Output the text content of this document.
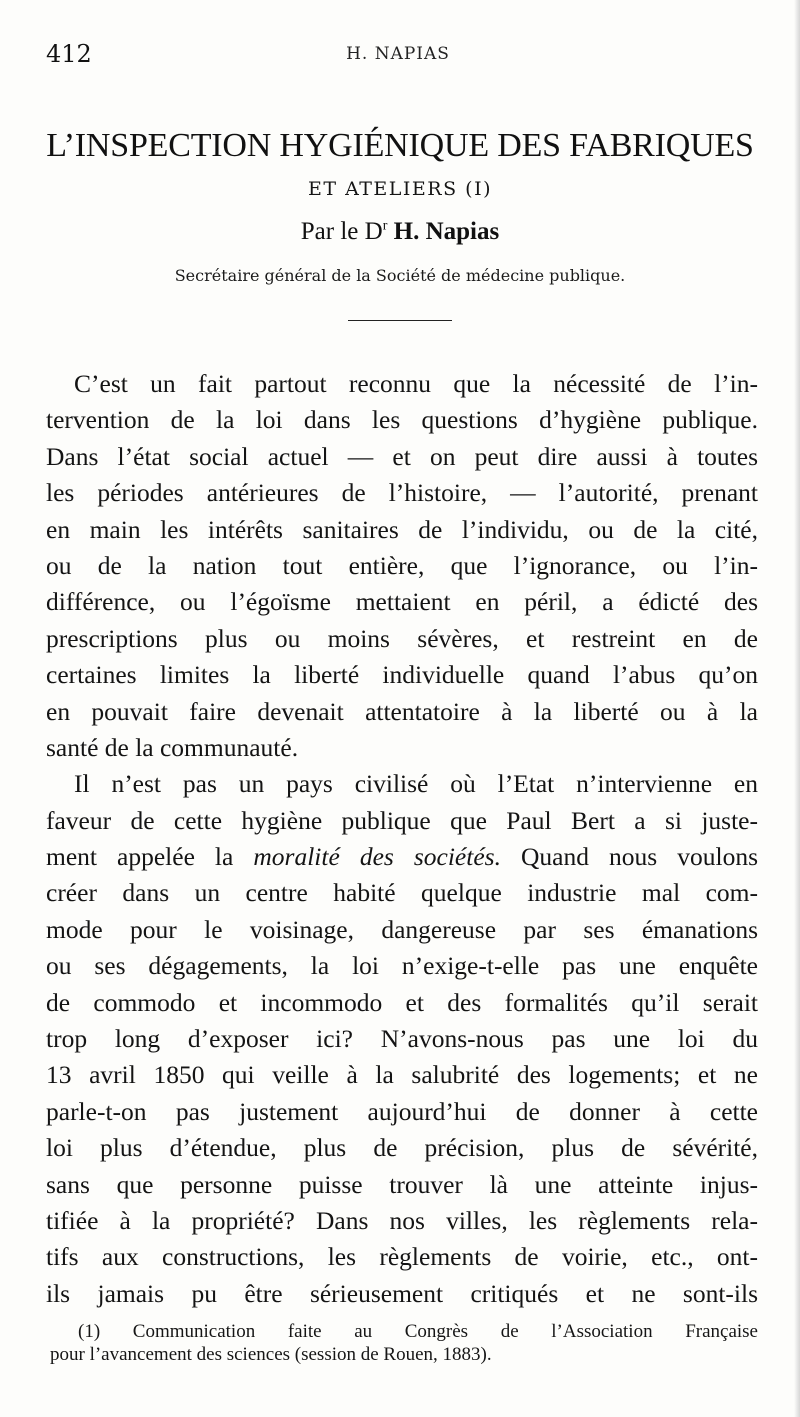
412	H. NAPIAS
L’INSPECTION HYGIÉNIQUE DES FABRIQUES
ET ATELIERS (I)
Par le $D^r$ H. Napias
Secrétaire général de la Société de médecine publique.
C’est un fait partout reconnu que la nécessité de l’in-
tervention de la loi dans les questions d’hygiène publique.
Dans l’état social actuel — et on peut dire aussi à toutes
les périodes antérieures de l’histoire, — l’autorité, prenant
en main les intérêts sanitaires de l’individu, ou de la cité,
ou de la nation tout entière, que l’ignorance, ou l’in-
différence, ou l’égoïsme mettaient en péril, a édicté des
prescriptions plus ou moins sévères, et restreint en de
certaines limites la liberté individuelle quand l’abus qu’on
en pouvait faire devenait attentatoire à la liberté ou à la
santé de la communauté.
Il n’est pas un pays civilisé où l’Etat n’intervienne en
faveur de cette hygiène publique que Paul Bert a si juste-
ment appelée la moralité des sociétés. Quand nous voulons
créer dans un centre habité quelque industrie mal com-
mode pour le voisinage, dangereuse par ses émanations
ou ses dégagements, la loi n’exige-t-elle pas une enquête
de commodo et incommodo et des formalités qu’il serait
trop long d’exposer ici? N’avons-nous pas une loi du
13 avril 1850 qui veille à la salubrité des logements; et ne
parle-t-on pas justement aujourd’hui de donner à cette
loi plus d’étendue, plus de précision, plus de sévérité,
sans que personne puisse trouver là une atteinte injus-
tifiée à la propriété? Dans nos villes, les règlements rela-
tifs aux constructions, les règlements de voirie, etc., ont-
ils jamais pu être sérieusement critiqués et ne sont-ils
(1) Communication faite au Congrès de l’Association Française
pour l’avancement des sciences (session de Rouen, 1883).
